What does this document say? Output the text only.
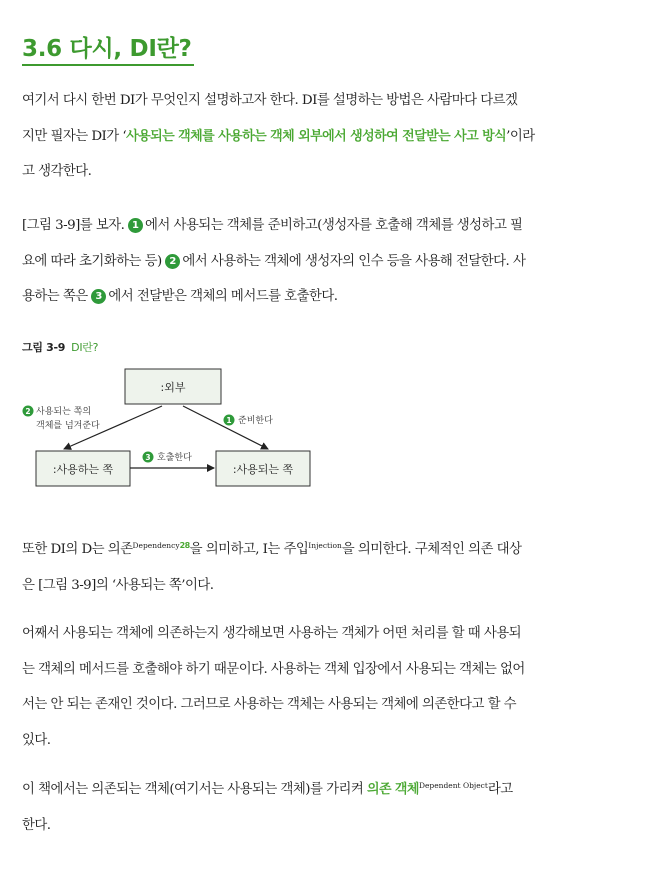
3.6 다시, DI란?

여기서 다시 한번 DI가 무엇인지 설명하고자 한다. DI를 설명하는 방법은 사람마다 다르겠
지만 필자는 DI가 ‘사용되는 객체를 사용하는 객체 외부에서 생성하여 전달받는 사고 방식’이라
고 생각한다.

[그림 3-9]를 보자. 1 에서 사용되는 객체를 준비하고(생성자를 호출해 객체를 생성하고 필
요에 따라 초기화하는 등) 2 에서 사용하는 객체에 생성자의 인수 등을 사용해 전달한다. 사
용하는 쪽은 3 에서 전달받은 객체의 메서드를 호출한다.

그림 3-9 DI란?

:외부
:사용하는 쪽	:사용되는 쪽
2 사용되는 쪽의
객체를 넘겨준다
1 준비한다
3 호출한다

또한 DI의 D는 의존$^{Dependency28}$을 의미하고, I는 주입$^{Injection}$을 의미한다. 구체적인 의존 대상
은 [그림 3-9]의 ‘사용되는 쪽’이다.

어째서 사용되는 객체에 의존하는지 생각해보면 사용하는 객체가 어떤 처리를 할 때 사용되
는 객체의 메서드를 호출해야 하기 때문이다. 사용하는 객체 입장에서 사용되는 객체는 없어
서는 안 되는 존재인 것이다. 그러므로 사용하는 객체는 사용되는 객체에 의존한다고 할 수
있다.

이 책에서는 의존되는 객체(여기서는 사용되는 객체)를 가리켜 의존 객체$^{Dependent Object}$라고
한다.
